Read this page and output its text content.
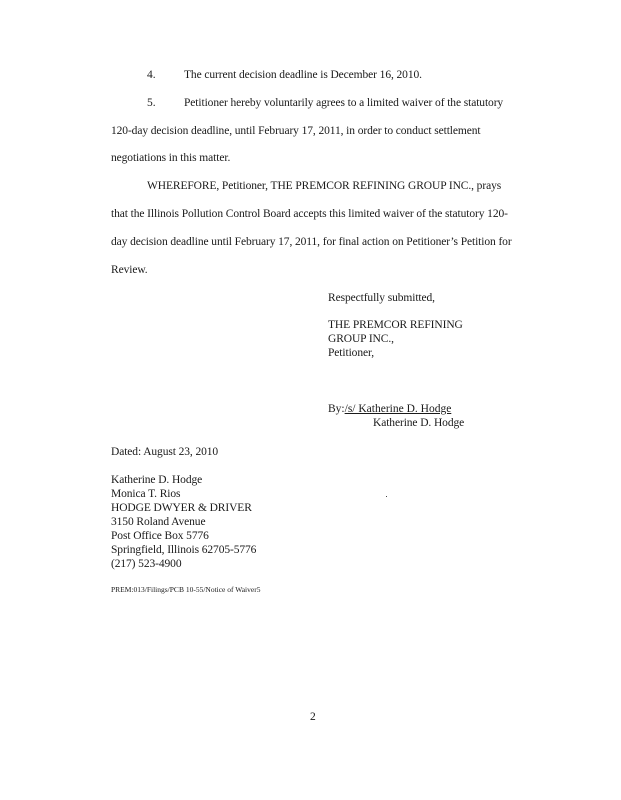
4. The current decision deadline is December 16, 2010.
5. Petitioner hereby voluntarily agrees to a limited waiver of the statutory
120-day decision deadline, until February 17, 2011, in order to conduct settlement
negotiations in this matter.
WHEREFORE, Petitioner, THE PREMCOR REFINING GROUP INC., prays
that the Illinois Pollution Control Board accepts this limited waiver of the statutory 120-
day decision deadline until February 17, 2011, for final action on Petitioner’s Petition for
Review.
Respectfully submitted,
THE PREMCOR REFINING
GROUP INC.,
Petitioner,
By:/s/ Katherine D. Hodge
Katherine D. Hodge
Dated: August 23, 2010
Katherine D. Hodge
Monica T. Rios
HODGE DWYER & DRIVER
3150 Roland Avenue
Post Office Box 5776
Springfield, Illinois 62705-5776
(217) 523-4900
PREM:013/Filings/PCB 10-55/Notice of Waiver5
2
